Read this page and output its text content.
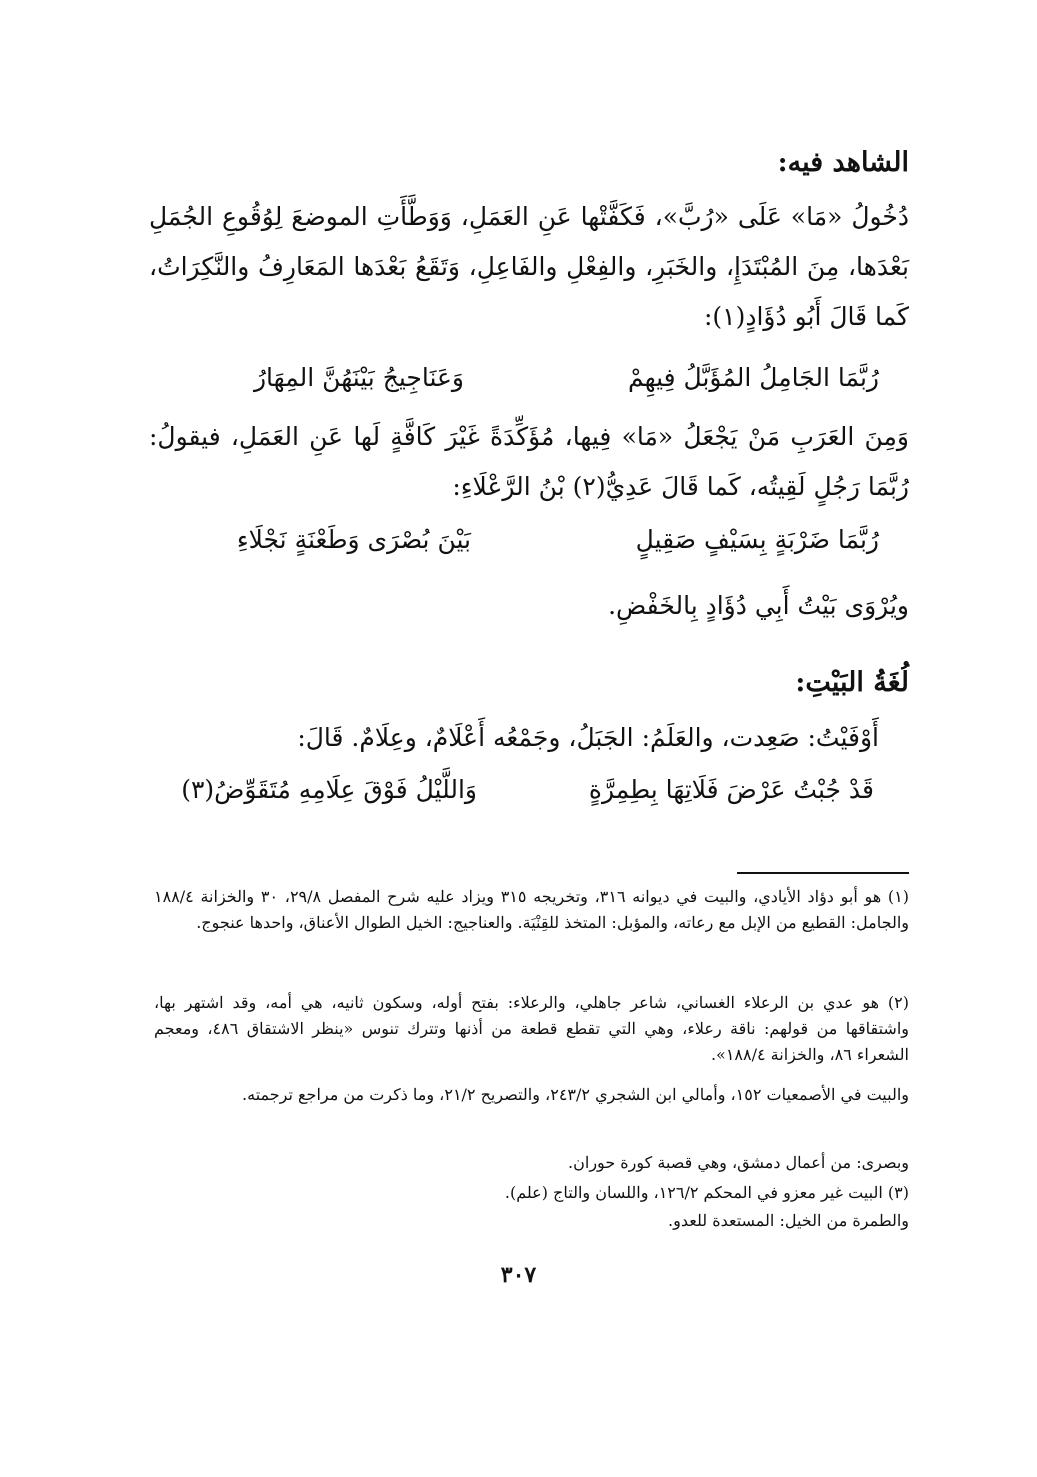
الشاهد فيه:
دُخُولُ «مَا» عَلَى «رُبَّ»، فَكَفَّتْها عَنِ العَمَلِ، وَوَطَّأَتِ الموضعَ لِوُقُوعِ الجُمَلِ بَعْدَها، مِنَ المُبْتَدَإِ، والخَبَرِ، والفِعْلِ والفَاعِلِ، وَتَقَعُ بَعْدَها المَعَارِفُ والنَّكِرَاتُ، كَما قَالَ أَبُو دُؤَادٍ(١):
رُبَّمَا الجَامِلُ المُؤَبَّلُ فِيهِمْ
وَعَنَاجِيجُ بَيْنَهُنَّ المِهَارُ
وَمِنَ العَرَبِ مَنْ يَجْعَلُ «مَا» فِيها، مُؤَكِّدَةً غَيْرَ كَافَّةٍ لَها عَنِ العَمَلِ، فيقولُ: رُبَّمَا رَجُلٍ لَقِيتُه، كَما قَالَ عَدِيُّ(٢) بْنُ الرَّعْلَاءِ:
رُبَّمَا ضَرْبَةٍ بِسَيْفٍ صَقِيلٍ
بَيْنَ بُصْرَى وَطَعْنَةٍ نَجْلَاءِ
ويُرْوَى بَيْتُ أَبِي دُؤَادٍ بِالخَفْضِ.
لُغَةُ البَيْتِ:
أَوْفَيْتُ: صَعِدت، والعَلَمُ: الجَبَلُ، وجَمْعُه أَعْلَامٌ، وعِلَامٌ. قَالَ:
قَدْ جُبْتُ عَرْضَ فَلَاتِهَا بِطِمِرَّةٍ
وَاللَّيْلُ فَوْقَ عِلَامِهِ مُتَقَوِّضُ(٣)
(١) هو أبو دؤاد الأيادي، والبيت في ديوانه ٣١٦، وتخريجه ٣١٥ ويزاد عليه شرح المفصل ٢٩/٨، ٣٠ والخزانة ١٨٨/٤ والجامل: القطيع من الإبل مع رعاته، والمؤبل: المتخذ للقِنْيَة. والعناجيج: الخيل الطوال الأعناق، واحدها عنجوج.
(٢) هو عدي بن الرعلاء الغساني، شاعر جاهلي، والرعلاء: بفتح أوله، وسكون ثانيه، هي أمه، وقد اشتهر بها، واشتقاقها من قولهم: ناقة رعلاء، وهي التي تقطع قطعة من أذنها وتترك تنوس «ينظر الاشتقاق ٤٨٦، ومعجم الشعراء ٨٦، والخزانة ١٨٨/٤».
والبيت في الأصمعيات ١٥٢، وأمالي ابن الشجري ٢٤٣/٢، والتصريح ٢١/٢، وما ذكرت من مراجع ترجمته.
وبصرى: من أعمال دمشق، وهي قصبة كورة حوران.
(٣) البيت غير معزو في المحكم ١٢٦/٢، واللسان والتاج (علم).
والطمرة من الخيل: المستعدة للعدو.
٣٠٧
